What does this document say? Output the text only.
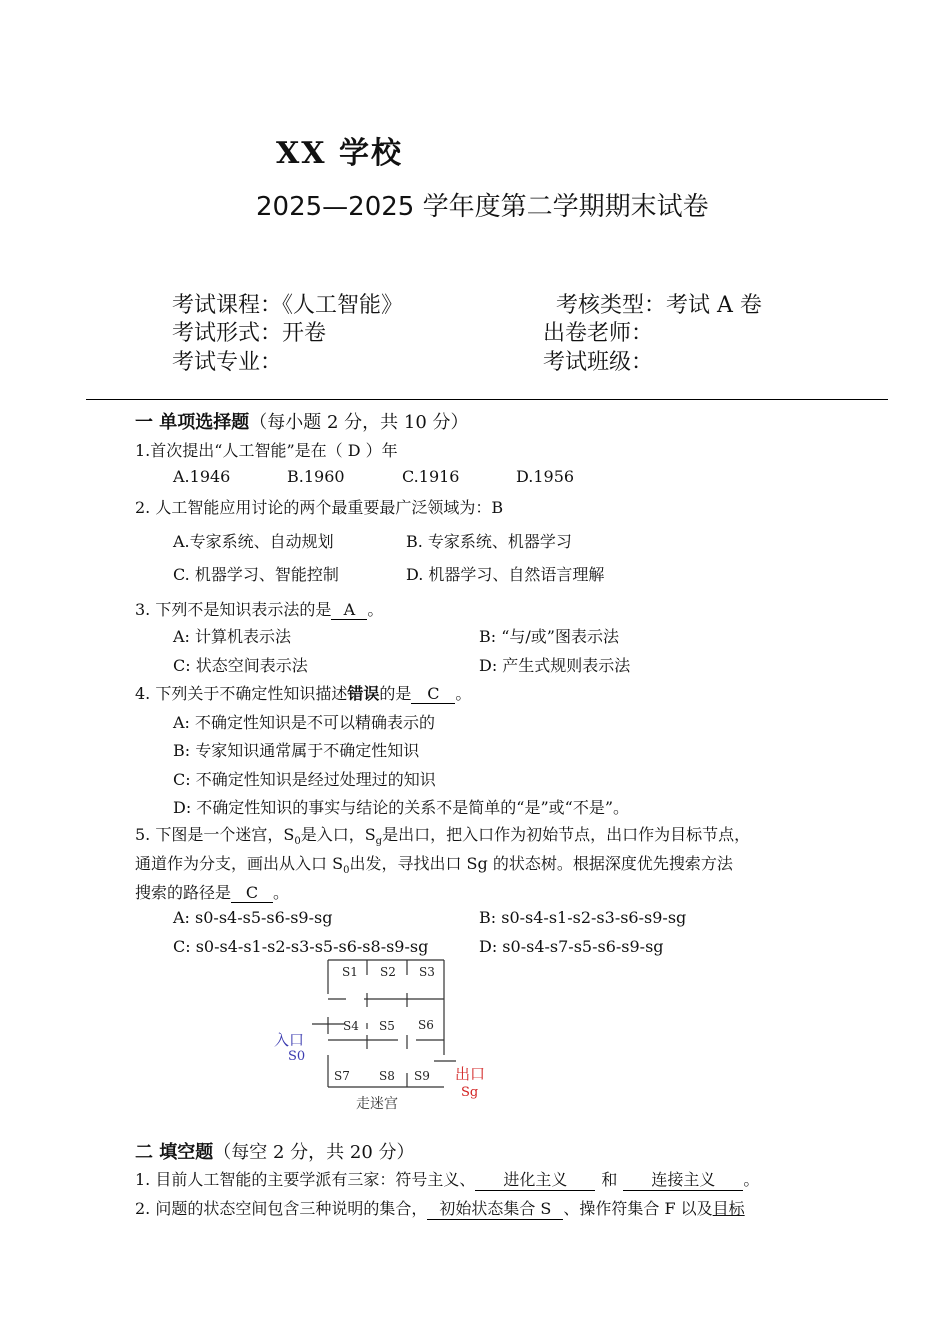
XX 学校
2025—2025 学年度第二学期期末试卷
考试课程：《人工智能》	考核类型：考试 A 卷
考试形式：开卷	出卷老师：
考试专业：	考试班级：
一 单项选择题（每小题 2 分，共 10 分）
1.首次提出“人工智能”是在（ D ）年
A.1946	B.1960	C.1916	D.1956
2. 人工智能应用讨论的两个最重要最广泛领域为：B
A.专家系统、自动规划	B. 专家系统、机器学习
C. 机器学习、智能控制	D. 机器学习、自然语言理解
3. 下列不是知识表示法的是 A 。
A: 计算机表示法	B: “与/或”图表示法
C: 状态空间表示法	D: 产生式规则表示法
4. 下列关于不确定性知识描述错误的是 C 。
A: 不确定性知识是不可以精确表示的
B: 专家知识通常属于不确定性知识
C: 不确定性知识是经过处理过的知识
D: 不确定性知识的事实与结论的关系不是简单的“是”或“不是”。
5. 下图是一个迷宫，$S_0$是入口，$S_g$是出口，把入口作为初始节点，出口作为目标节点，
通道作为分支，画出从入口 $S_0$出发，寻找出口 Sg 的状态树。根据深度优先搜索方法
搜索的路径是 C 。
A: s0-s4-s5-s6-s9-sg	B: s0-s4-s1-s2-s3-s6-s9-sg
C: s0-s4-s1-s2-s3-s5-s6-s8-s9-sg	D: s0-s4-s7-s5-s6-s9-sg
S1 S2 S3
S4 S5 S6
S7 S8 S9
入口
S0
出口
Sg
走迷宫
二 填空题（每空 2 分，共 20 分）
1. 目前人工智能的主要学派有三家：符号主义、 进化主义 和 连接主义 。
2. 问题的状态空间包含三种说明的集合， 初始状态集合 S 、操作符集合 F 以及目标
